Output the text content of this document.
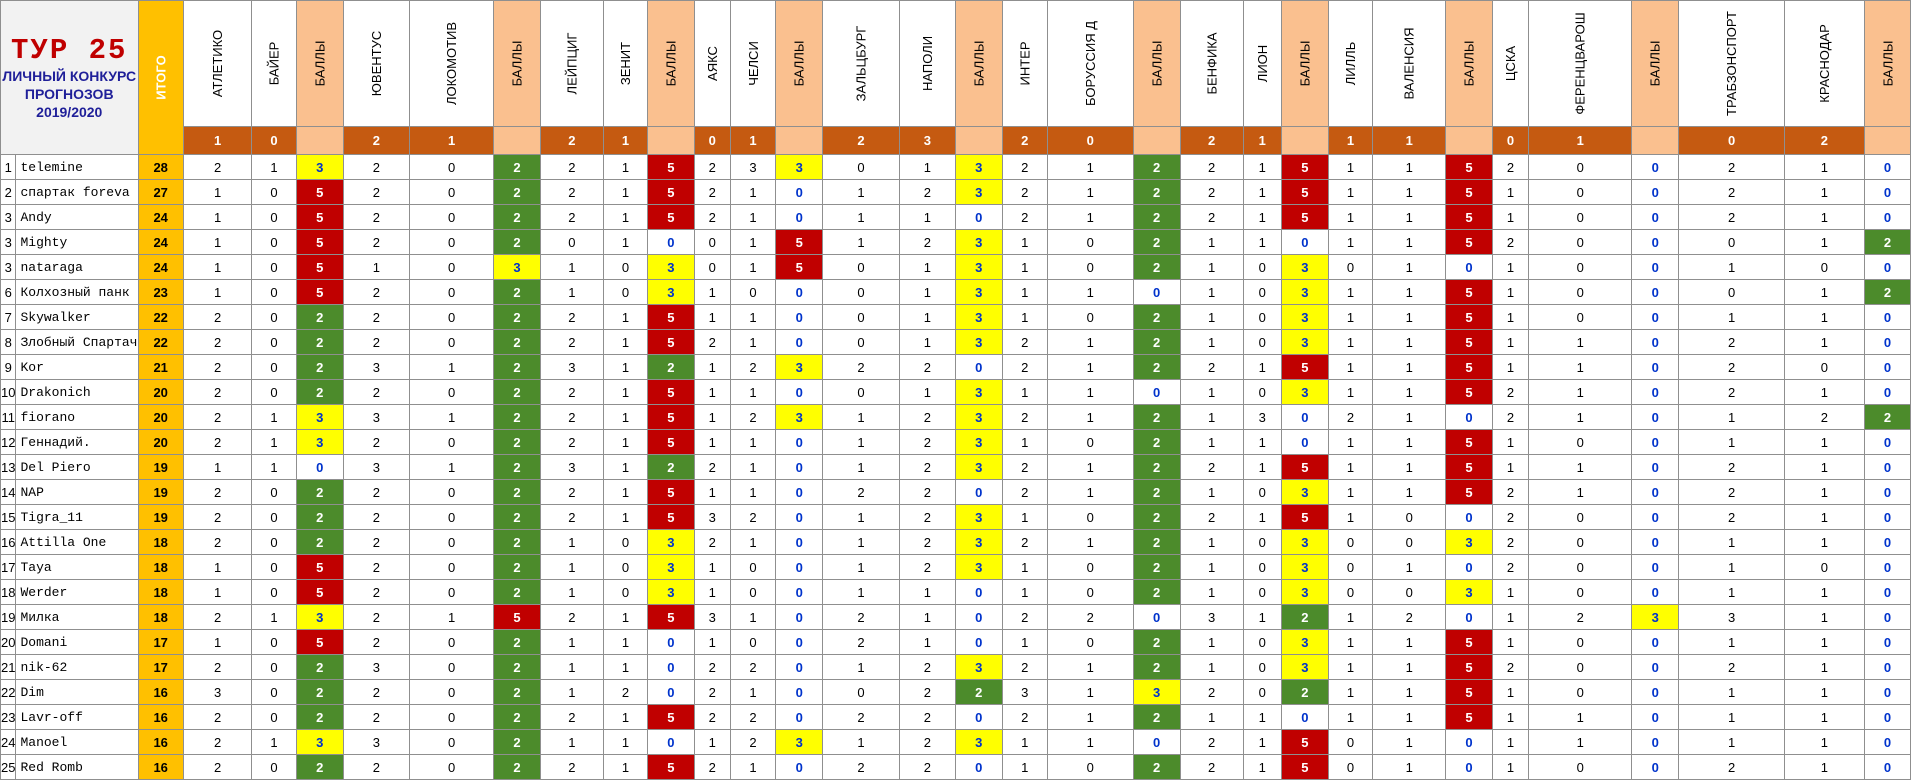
ТУР 25
ЛИЧНЫЙ КОНКУРС
ПРОГНОЗОВ
2019/2020		ИТОГО	АТЛЕТИКО	БАЙЕР	БАЛЛЫ	ЮВЕНТУС	ЛОКОМОТИВ	БАЛЛЫ	ЛЕЙПЦИГ	ЗЕНИТ	БАЛЛЫ	АЯКС	ЧЕЛСИ	БАЛЛЫ	ЗАЛЬЦБУРГ	НАПОЛИ	БАЛЛЫ	ИНТЕР	БОРУССИЯ Д	БАЛЛЫ	БЕНФИКА	ЛИОН	БАЛЛЫ	ЛИЛЛЬ	ВАЛЕНСИЯ	БАЛЛЫ	ЦСКА	ФЕРЕНЦВАРОШ	БАЛЛЫ	ТРАБЗОНСПОРТ	КРАСНОДАР	БАЛЛЫ
			1	0		2	1		2	1		0	1		2	3		2	0		2	1		1	1		0	1		0	2	
1	telemine	28	2	1	3	2	0	2	2	1	5	2	3	3	0	1	3	2	1	2	2	1	5	1	1	5	2	0	0	2	1	0
2	спартак foreva	27	1	0	5	2	0	2	2	1	5	2	1	0	1	2	3	2	1	2	2	1	5	1	1	5	1	0	0	2	1	0
3	Andy	24	1	0	5	2	0	2	2	1	5	2	1	0	1	1	0	2	1	2	2	1	5	1	1	5	1	0	0	2	1	0
3	Mighty	24	1	0	5	2	0	2	0	1	0	0	1	5	1	2	3	1	0	2	1	1	0	1	1	5	2	0	0	0	1	2
3	nataraga	24	1	0	5	1	0	3	1	0	3	0	1	5	0	1	3	1	0	2	1	0	3	0	1	0	1	0	0	1	0	0
6	Колхозный панк	23	1	0	5	2	0	2	1	0	3	1	0	0	0	1	3	1	1	0	1	0	3	1	1	5	1	0	0	0	1	2
7	Skywalker	22	2	0	2	2	0	2	2	1	5	1	1	0	0	1	3	1	0	2	1	0	3	1	1	5	1	0	0	1	1	0
8	Злобный Спартач	22	2	0	2	2	0	2	2	1	5	2	1	0	0	1	3	2	1	2	1	0	3	1	1	5	1	1	0	2	1	0
9	Kor	21	2	0	2	3	1	2	3	1	2	1	2	3	2	2	0	2	1	2	2	1	5	1	1	5	1	1	0	2	0	0
10	Drakonich	20	2	0	2	2	0	2	2	1	5	1	1	0	0	1	3	1	1	0	1	0	3	1	1	5	2	1	0	2	1	0
11	fiorano	20	2	1	3	3	1	2	2	1	5	1	2	3	1	2	3	2	1	2	1	3	0	2	1	0	2	1	0	1	2	2
12	Геннадий.	20	2	1	3	2	0	2	2	1	5	1	1	0	1	2	3	1	0	2	1	1	0	1	1	5	1	0	0	1	1	0
13	Del Piero	19	1	1	0	3	1	2	3	1	2	2	1	0	1	2	3	2	1	2	2	1	5	1	1	5	1	1	0	2	1	0
14	NAP	19	2	0	2	2	0	2	2	1	5	1	1	0	2	2	0	2	1	2	1	0	3	1	1	5	2	1	0	2	1	0
15	Tigra_11	19	2	0	2	2	0	2	2	1	5	3	2	0	1	2	3	1	0	2	2	1	5	1	0	0	2	0	0	2	1	0
16	Attilla One	18	2	0	2	2	0	2	1	0	3	2	1	0	1	2	3	2	1	2	1	0	3	0	0	3	2	0	0	1	1	0
17	Taya	18	1	0	5	2	0	2	1	0	3	1	0	0	1	2	3	1	0	2	1	0	3	0	1	0	2	0	0	1	0	0
18	Werder	18	1	0	5	2	0	2	1	0	3	1	0	0	1	1	0	1	0	2	1	0	3	0	0	3	1	0	0	1	1	0
19	Милка	18	2	1	3	2	1	5	2	1	5	3	1	0	2	1	0	2	2	0	3	1	2	1	2	0	1	2	3	3	1	0
20	Domani	17	1	0	5	2	0	2	1	1	0	1	0	0	2	1	0	1	0	2	1	0	3	1	1	5	1	0	0	1	1	0
21	nik-62	17	2	0	2	3	0	2	1	1	0	2	2	0	1	2	3	2	1	2	1	0	3	1	1	5	2	0	0	2	1	0
22	Dim	16	3	0	2	2	0	2	1	2	0	2	1	0	0	2	2	3	1	3	2	0	2	1	1	5	1	0	0	1	1	0
23	Lavr-off	16	2	0	2	2	0	2	2	1	5	2	2	0	2	2	0	2	1	2	1	1	0	1	1	5	1	1	0	1	1	0
24	Manoel	16	2	1	3	3	0	2	1	1	0	1	2	3	1	2	3	1	1	0	2	1	5	0	1	0	1	1	0	1	1	0
25	Red Romb	16	2	0	2	2	0	2	2	1	5	2	1	0	2	2	0	1	0	2	2	1	5	0	1	0	1	0	0	2	1	0
